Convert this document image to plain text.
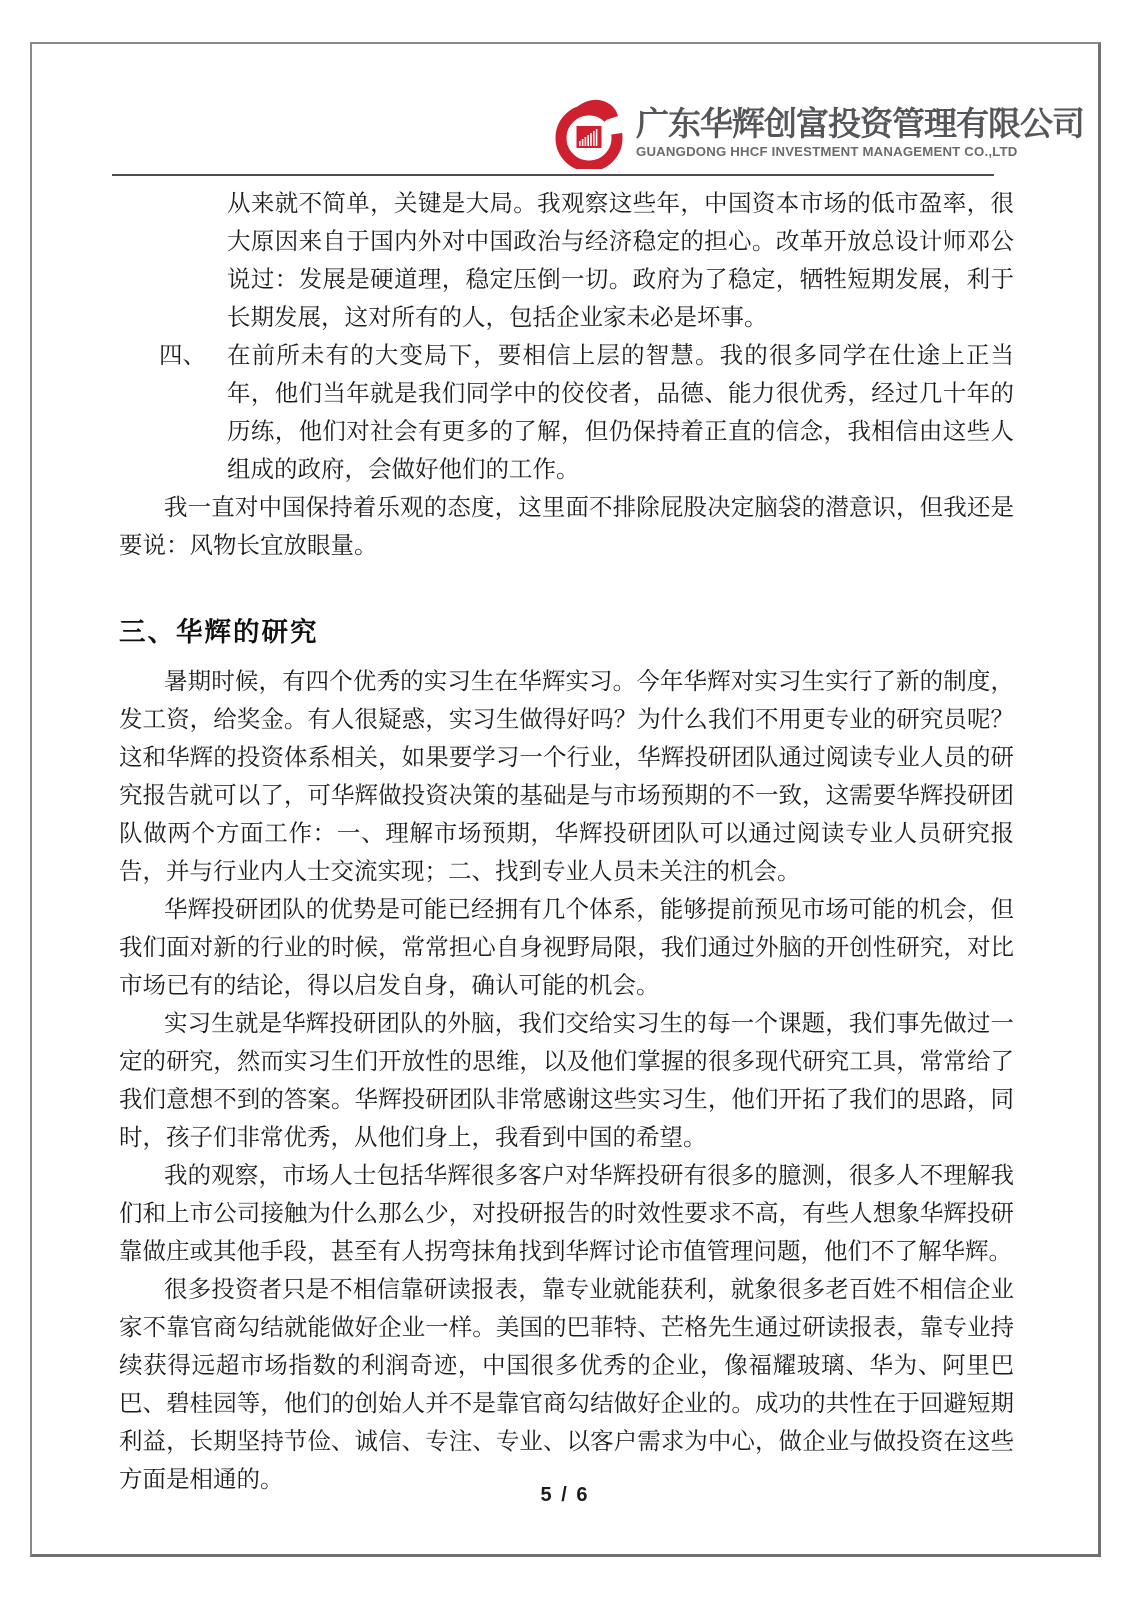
广东华辉创富投资管理有限公司
GUANGDONG HHCF INVESTMENT MANAGEMENT CO.,LTD

从来就不简单，关键是大局。我观察这些年，中国资本市场的低市盈率，很大原因来自于国内外对中国政治与经济稳定的担心。改革开放总设计师邓公说过：发展是硬道理，稳定压倒一切。政府为了稳定，牺牲短期发展，利于长期发展，这对所有的人，包括企业家未必是坏事。

四、 在前所未有的大变局下，要相信上层的智慧。我的很多同学在仕途上正当年，他们当年就是我们同学中的佼佼者，品德、能力很优秀，经过几十年的历练，他们对社会有更多的了解，但仍保持着正直的信念，我相信由这些人组成的政府，会做好他们的工作。

我一直对中国保持着乐观的态度，这里面不排除屁股决定脑袋的潜意识，但我还是要说：风物长宜放眼量。

三、华辉的研究

暑期时候，有四个优秀的实习生在华辉实习。今年华辉对实习生实行了新的制度，发工资，给奖金。有人很疑惑，实习生做得好吗？为什么我们不用更专业的研究员呢？这和华辉的投资体系相关，如果要学习一个行业，华辉投研团队通过阅读专业人员的研究报告就可以了，可华辉做投资决策的基础是与市场预期的不一致，这需要华辉投研团队做两个方面工作：一、理解市场预期，华辉投研团队可以通过阅读专业人员研究报告，并与行业内人士交流实现；二、找到专业人员未关注的机会。

华辉投研团队的优势是可能已经拥有几个体系，能够提前预见市场可能的机会，但我们面对新的行业的时候，常常担心自身视野局限，我们通过外脑的开创性研究，对比市场已有的结论，得以启发自身，确认可能的机会。

实习生就是华辉投研团队的外脑，我们交给实习生的每一个课题，我们事先做过一定的研究，然而实习生们开放性的思维，以及他们掌握的很多现代研究工具，常常给了我们意想不到的答案。华辉投研团队非常感谢这些实习生，他们开拓了我们的思路，同时，孩子们非常优秀，从他们身上，我看到中国的希望。

我的观察，市场人士包括华辉很多客户对华辉投研有很多的臆测，很多人不理解我们和上市公司接触为什么那么少，对投研报告的时效性要求不高，有些人想象华辉投研靠做庄或其他手段，甚至有人拐弯抹角找到华辉讨论市值管理问题，他们不了解华辉。

很多投资者只是不相信靠研读报表，靠专业就能获利，就象很多老百姓不相信企业家不靠官商勾结就能做好企业一样。美国的巴菲特、芒格先生通过研读报表，靠专业持续获得远超市场指数的利润奇迹，中国很多优秀的企业，像福耀玻璃、华为、阿里巴巴、碧桂园等，他们的创始人并不是靠官商勾结做好企业的。成功的共性在于回避短期利益，长期坚持节俭、诚信、专注、专业、以客户需求为中心，做企业与做投资在这些方面是相通的。

5 / 6
